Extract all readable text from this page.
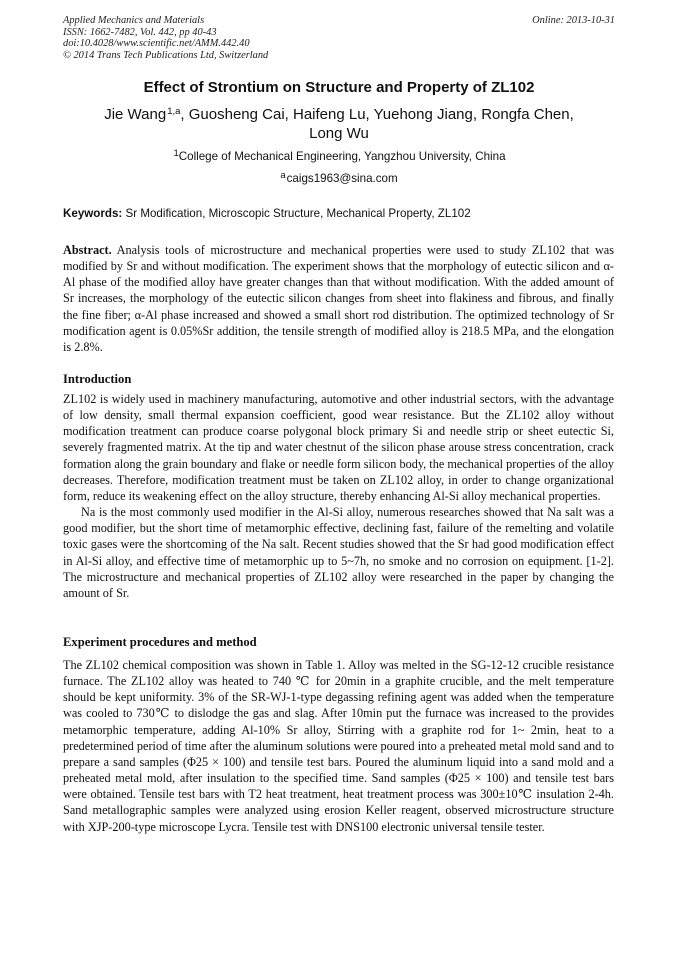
Applied Mechanics and Materials
ISSN: 1662-7482, Vol. 442, pp 40-43
doi:10.4028/www.scientific.net/AMM.442.40
© 2014 Trans Tech Publications Ltd, Switzerland
Online: 2013-10-31
Effect of Strontium on Structure and Property of ZL102
Jie Wang$^{1,a}$, Guosheng Cai, Haifeng Lu, Yuehong Jiang, Rongfa Chen,
Long Wu
$^1$College of Mechanical Engineering, Yangzhou University, China
$^a$caigs1963@sina.com
Keywords: Sr Modification, Microscopic Structure, Mechanical Property, ZL102

Abstract. Analysis tools of microstructure and mechanical properties were used to study ZL102 that was modified by Sr and without modification. The experiment shows that the morphology of eutectic silicon and α-Al phase of the modified alloy have greater changes than that without modification. With the added amount of Sr increases, the morphology of the eutectic silicon changes from sheet into flakiness and fibrous, and finally the fine fiber; α-Al phase increased and showed a small short rod distribution. The optimized technology of Sr modification agent is 0.05%Sr addition, the tensile strength of modified alloy is 218.5 MPa, and the elongation is 2.8%.

Introduction

ZL102 is widely used in machinery manufacturing, automotive and other industrial sectors, with the advantage of low density, small thermal expansion coefficient, good wear resistance. But the ZL102 alloy without modification treatment can produce coarse polygonal block primary Si and needle strip or sheet eutectic Si, severely fragmented matrix. At the tip and water chestnut of the silicon phase arouse stress concentration, crack formation along the grain boundary and flake or needle form silicon body, the mechanical properties of the alloy decreases. Therefore, modification treatment must be taken on ZL102 alloy, in order to change organizational form, reduce its weakening effect on the alloy structure, thereby enhancing Al-Si alloy mechanical properties.

Na is the most commonly used modifier in the Al-Si alloy, numerous researches showed that Na salt was a good modifier, but the short time of metamorphic effective, declining fast, failure of the remelting and volatile toxic gases were the shortcoming of the Na salt. Recent studies showed that the Sr had good modification effect in Al-Si alloy, and effective time of metamorphic up to 5~7h, no smoke and no corrosion on equipment. [1-2]. The microstructure and mechanical properties of ZL102 alloy were researched in the paper by changing the amount of Sr.

Experiment procedures and method

The ZL102 chemical composition was shown in Table 1. Alloy was melted in the SG-12-12 crucible resistance furnace. The ZL102 alloy was heated to 740 ℃ for 20min in a graphite crucible, and the melt temperature should be kept uniformity. 3% of the SR-WJ-1-type degassing refining agent was added when the temperature was cooled to 730℃ to dislodge the gas and slag. After 10min put the furnace was increased to the provides metamorphic temperature, adding Al-10% Sr alloy, Stirring with a graphite rod for 1~ 2min, heat to a predetermined period of time after the aluminum solutions were poured into a preheated metal mold sand and to prepare a sand samples (Φ25 × 100) and tensile test bars. Poured the aluminum liquid into a sand mold and a preheated metal mold, after insulation to the specified time. Sand samples (Φ25 × 100) and tensile test bars were obtained. Tensile test bars with T2 heat treatment, heat treatment process was 300±10℃ insulation 2-4h. Sand metallographic samples were analyzed using erosion Keller reagent, observed microstructure structure with XJP-200-type microscope Lycra. Tensile test with DNS100 electronic universal tensile tester.
